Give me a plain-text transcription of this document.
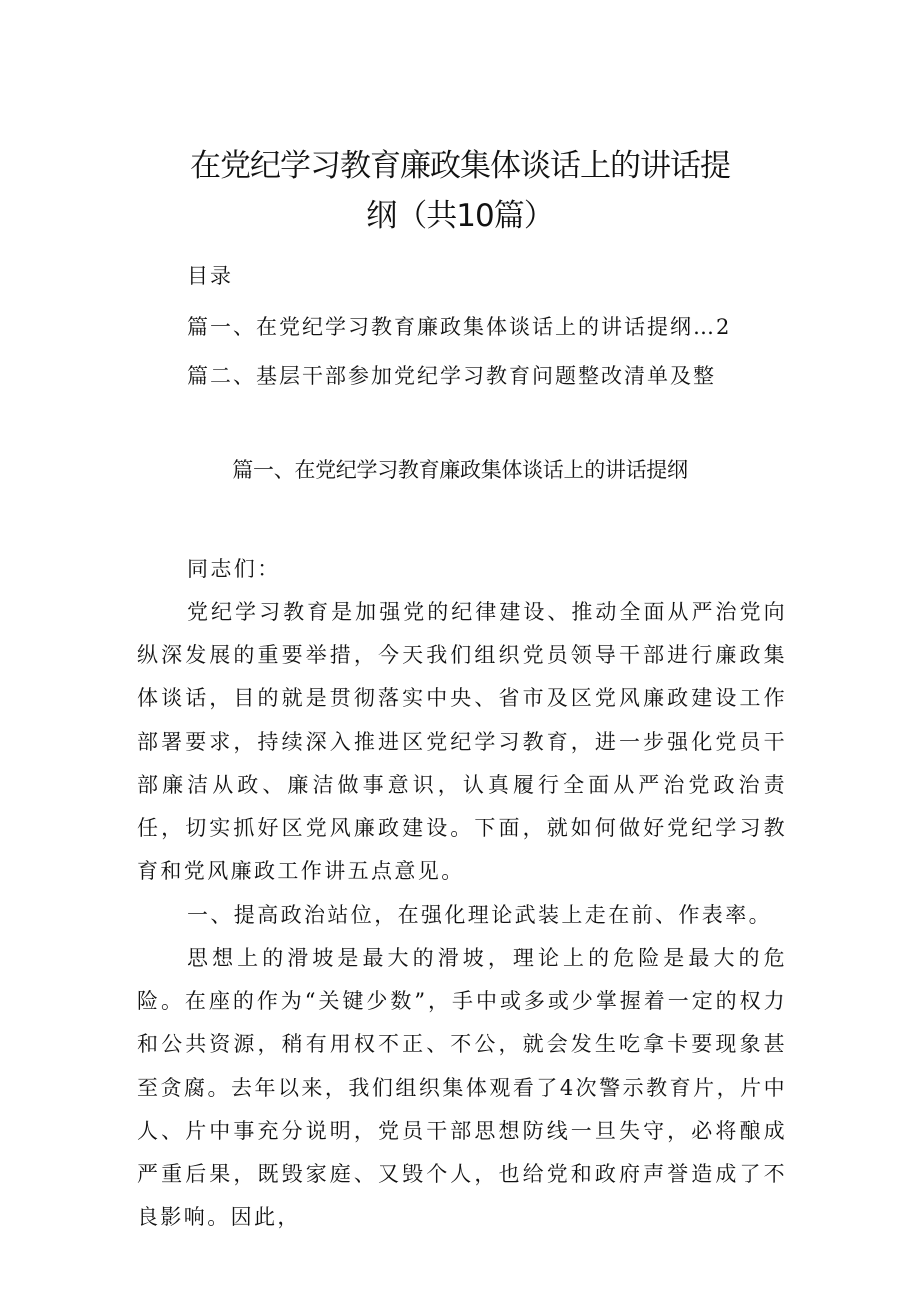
在党纪学习教育廉政集体谈话上的讲话提
纲（共10篇）
目录
篇一、在党纪学习教育廉政集体谈话上的讲话提纲…2
篇二、基层干部参加党纪学习教育问题整改清单及整
篇一、在党纪学习教育廉政集体谈话上的讲话提纲
同志们：
党纪学习教育是加强党的纪律建设、推动全面从严治党向纵深发展的重要举措，今天我们组织党员领导干部进行廉政集体谈话，目的就是贯彻落实中央、省市及区党风廉政建设工作部署要求，持续深入推进区党纪学习教育，进一步强化党员干部廉洁从政、廉洁做事意识，认真履行全面从严治党政治责任，切实抓好区党风廉政建设。下面，就如何做好党纪学习教育和党风廉政工作讲五点意见。
一、提高政治站位，在强化理论武装上走在前、作表率。
思想上的滑坡是最大的滑坡，理论上的危险是最大的危险。在座的作为“关键少数”，手中或多或少掌握着一定的权力和公共资源，稍有用权不正、不公，就会发生吃拿卡要现象甚至贪腐。去年以来，我们组织集体观看了4次警示教育片，片中人、片中事充分说明，党员干部思想防线一旦失守，必将酿成严重后果，既毁家庭、又毁个人，也给党和政府声誉造成了不良影响。因此，
